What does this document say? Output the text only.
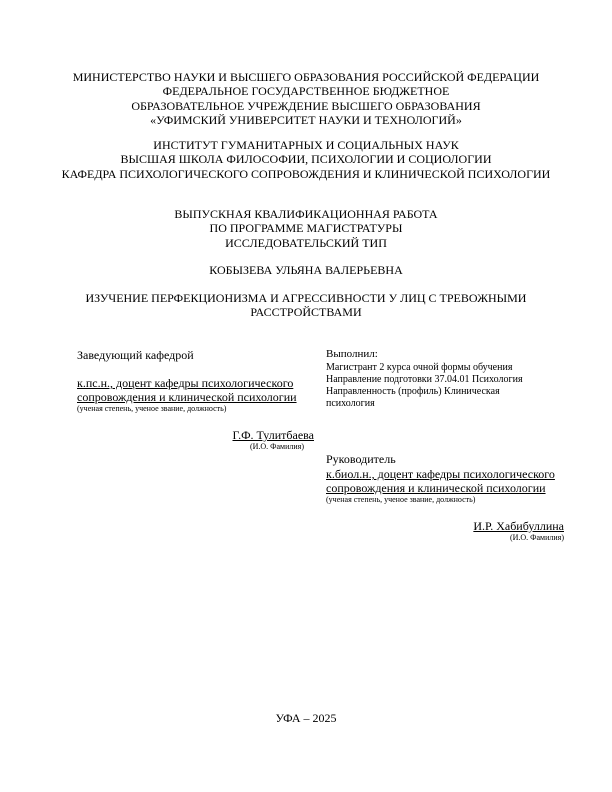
МИНИСТЕРСТВО НАУКИ И ВЫСШЕГО ОБРАЗОВАНИЯ РОССИЙСКОЙ ФЕДЕРАЦИИ
ФЕДЕРАЛЬНОЕ ГОСУДАРСТВЕННОЕ БЮДЖЕТНОЕ
ОБРАЗОВАТЕЛЬНОЕ УЧРЕЖДЕНИЕ ВЫСШЕГО ОБРАЗОВАНИЯ
«УФИМСКИЙ УНИВЕРСИТЕТ НАУКИ И ТЕХНОЛОГИЙ»
ИНСТИТУТ ГУМАНИТАРНЫХ И СОЦИАЛЬНЫХ НАУК
ВЫСШАЯ ШКОЛА ФИЛОСОФИИ, ПСИХОЛОГИИ И СОЦИОЛОГИИ
КАФЕДРА ПСИХОЛОГИЧЕСКОГО СОПРОВОЖДЕНИЯ И КЛИНИЧЕСКОЙ ПСИХОЛОГИИ
ВЫПУСКНАЯ КВАЛИФИКАЦИОННАЯ РАБОТА
ПО ПРОГРАММЕ МАГИСТРАТУРЫ
ИССЛЕДОВАТЕЛЬСКИЙ ТИП
КОБЫЗЕВА УЛЬЯНА ВАЛЕРЬЕВНА
ИЗУЧЕНИЕ ПЕРФЕКЦИОНИЗМА И АГРЕССИВНОСТИ У ЛИЦ С ТРЕВОЖНЫМИ
РАССТРОЙСТВАМИ
Заведующий кафедрой
к.пс.н., доцент кафедры психологического
сопровождения и клинической психологии
(ученая степень, ученое звание, должность)
Г.Ф. Тулитбаева
(И.О. Фамилия)
Выполнил:
Магистрант 2 курса очной формы обучения
Направление подготовки 37.04.01 Психология
Направленность (профиль) Клиническая
психология
Руководитель
к.биол.н., доцент кафедры психологического
сопровождения и клинической психологии
(ученая степень, ученое звание, должность)
И.Р. Хабибуллина
(И.О. Фамилия)
УФА – 2025
